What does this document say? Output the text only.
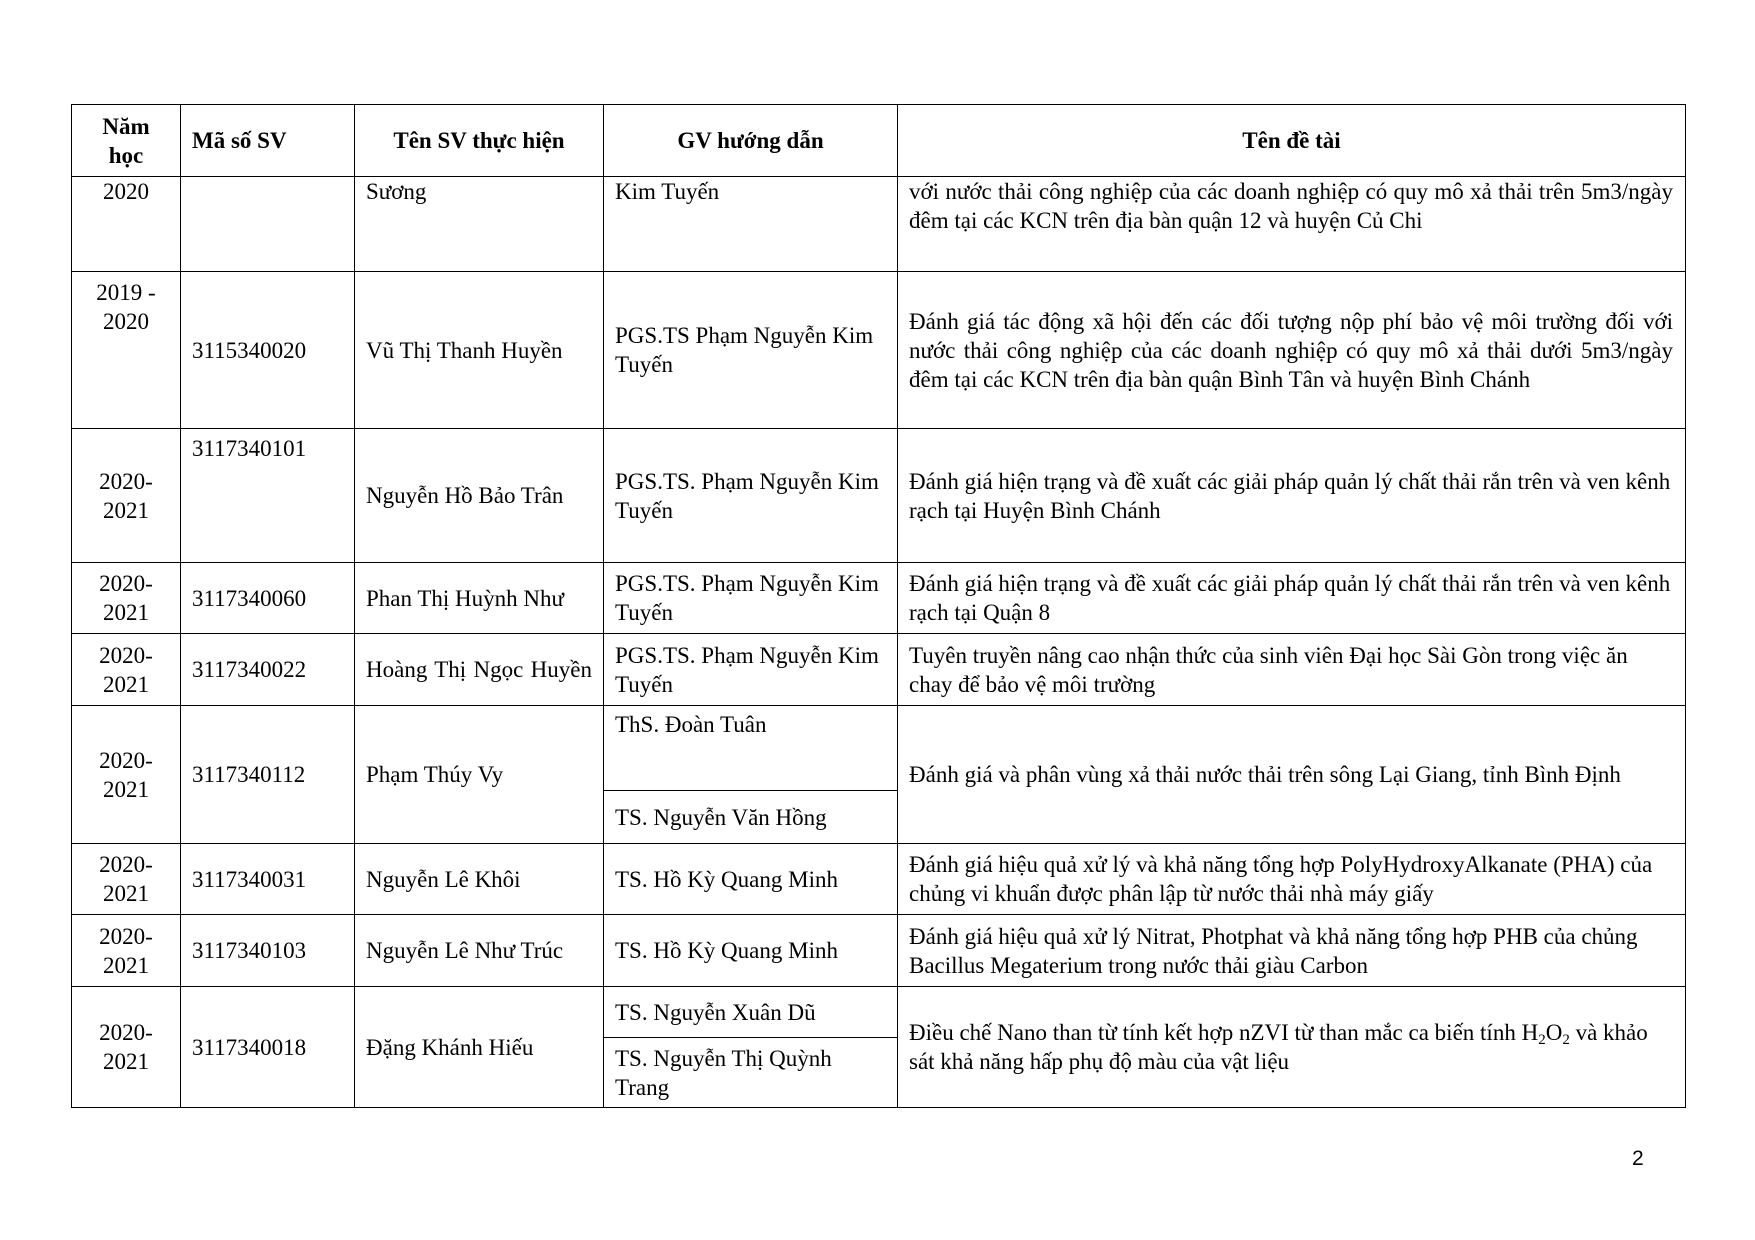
Năm học	Mã số SV	Tên SV thực hiện	GV hướng dẫn	Tên đề tài
2020		Sương	Kim Tuyến	với nước thải công nghiệp của các doanh nghiệp có quy mô xả thải trên 5m3/ngày đêm tại các KCN trên địa bàn quận 12 và huyện Củ Chi
2019 - 2020	3115340020	Vũ Thị Thanh Huyền	PGS.TS Phạm Nguyễn Kim Tuyến	Đánh giá tác động xã hội đến các đối tượng nộp phí bảo vệ môi trường đối với nước thải công nghiệp của các doanh nghiệp có quy mô xả thải dưới 5m3/ngày đêm tại các KCN trên địa bàn quận Bình Tân và huyện Bình Chánh
2020-2021	3117340101	Nguyễn Hồ Bảo Trân	PGS.TS. Phạm Nguyễn Kim Tuyến	Đánh giá hiện trạng và đề xuất các giải pháp quản lý chất thải rắn trên và ven kênh rạch tại Huyện Bình Chánh
2020-2021	3117340060	Phan Thị Huỳnh Như	PGS.TS. Phạm Nguyễn Kim Tuyến	Đánh giá hiện trạng và đề xuất các giải pháp quản lý chất thải rắn trên và ven kênh rạch tại Quận 8
2020-2021	3117340022	Hoàng Thị Ngọc Huyền	PGS.TS. Phạm Nguyễn Kim Tuyến	Tuyên truyền nâng cao nhận thức của sinh viên Đại học Sài Gòn trong việc ăn chay để bảo vệ môi trường
2020-2021	3117340112	Phạm Thúy Vy	ThS. Đoàn Tuân	Đánh giá và phân vùng xả thải nước thải trên sông Lại Giang, tỉnh Bình Định
			TS. Nguyễn Văn Hồng	
2020-2021	3117340031	Nguyễn Lê Khôi	TS. Hồ Kỳ Quang Minh	Đánh giá hiệu quả xử lý và khả năng tổng hợp PolyHydroxyAlkanate (PHA) của chủng vi khuẩn được phân lập từ nước thải nhà máy giấy
2020-2021	3117340103	Nguyễn Lê Như Trúc	TS. Hồ Kỳ Quang Minh	Đánh giá hiệu quả xử lý Nitrat, Photphat và khả năng tổng hợp PHB của chủng Bacillus Megaterium trong nước thải giàu Carbon
2020-2021	3117340018	Đặng Khánh Hiếu	TS. Nguyễn Xuân Dũ	Điều chế Nano than từ tính kết hợp nZVI từ than mắc ca biến tính $H_2O_2$ và khảo sát khả năng hấp phụ độ màu của vật liệu
			TS. Nguyễn Thị Quỳnh Trang	
2
